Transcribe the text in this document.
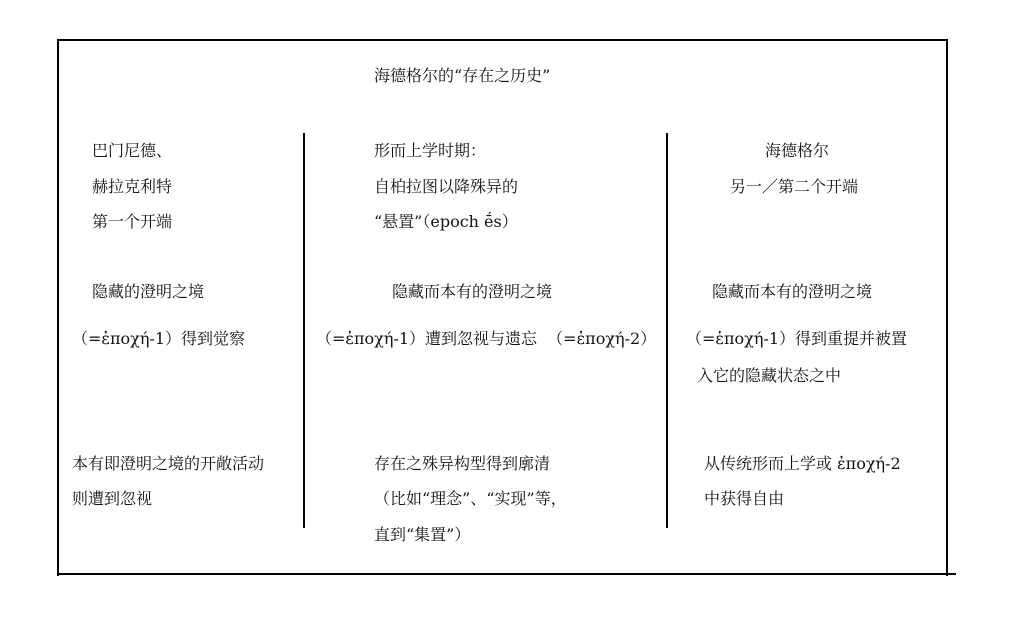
海德格尔的“存在之历史”
巴门尼德、
赫拉克利特
第一个开端
隐藏的澄明之境
（=ἐποχή-1）得到觉察
本有即澄明之境的开敞活动
则遭到忽视
形而上学时期：
自柏拉图以降殊异的
“悬置”（epoch ḗs）
隐藏而本有的澄明之境
（=ἐποχή-1）遭到忽视与遗忘  （=ἐποχή-2）
存在之殊异构型得到廓清
（比如“理念”、“实现”等，
直到“集置”）
海德格尔
另一／第二个开端
隐藏而本有的澄明之境
（=ἐποχή-1）得到重提并被置
入它的隐藏状态之中
从传统形而上学或 ἐποχή-2
中获得自由
